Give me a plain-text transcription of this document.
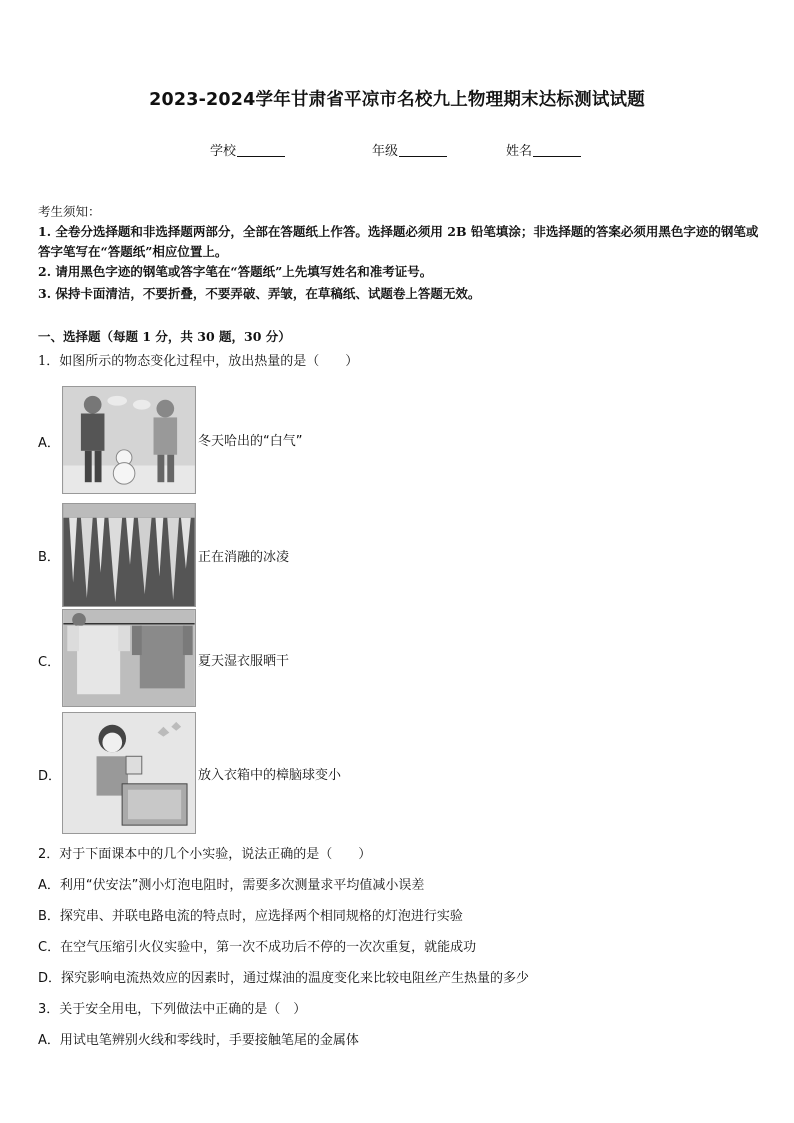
2023-2024学年甘肃省平凉市名校九上物理期末达标测试试题
学校	年级	姓名
考生须知：
1. 全卷分选择题和非选择题两部分，全部在答题纸上作答。选择题必须用 2B 铅笔填涂；非选择题的答案必须用黑色字迹的钢笔或答字笔写在“答题纸”相应位置上。
2. 请用黑色字迹的钢笔或答字笔在“答题纸”上先填写姓名和准考证号。
3. 保持卡面清洁，不要折叠，不要弄破、弄皱，在草稿纸、试题卷上答题无效。
一、选择题（每题 1 分，共 30 题，30 分）
1．如图所示的物态变化过程中，放出热量的是（　　）
A．	冬天哈出的“白气”
B．	正在消融的冰凌
C．	夏天湿衣服晒干
D．	放入衣箱中的樟脑球变小
2．对于下面课本中的几个小实验，说法正确的是（　　）
A．利用“伏安法”测小灯泡电阻时，需要多次测量求平均值减小误差
B．探究串、并联电路电流的特点时，应选择两个相同规格的灯泡进行实验
C．在空气压缩引火仪实验中，第一次不成功后不停的一次次重复，就能成功
D．探究影响电流热效应的因素时，通过煤油的温度变化来比较电阻丝产生热量的多少
3．关于安全用电，下列做法中正确的是（　）
A．用试电笔辨别火线和零线时，手要接触笔尾的金属体
